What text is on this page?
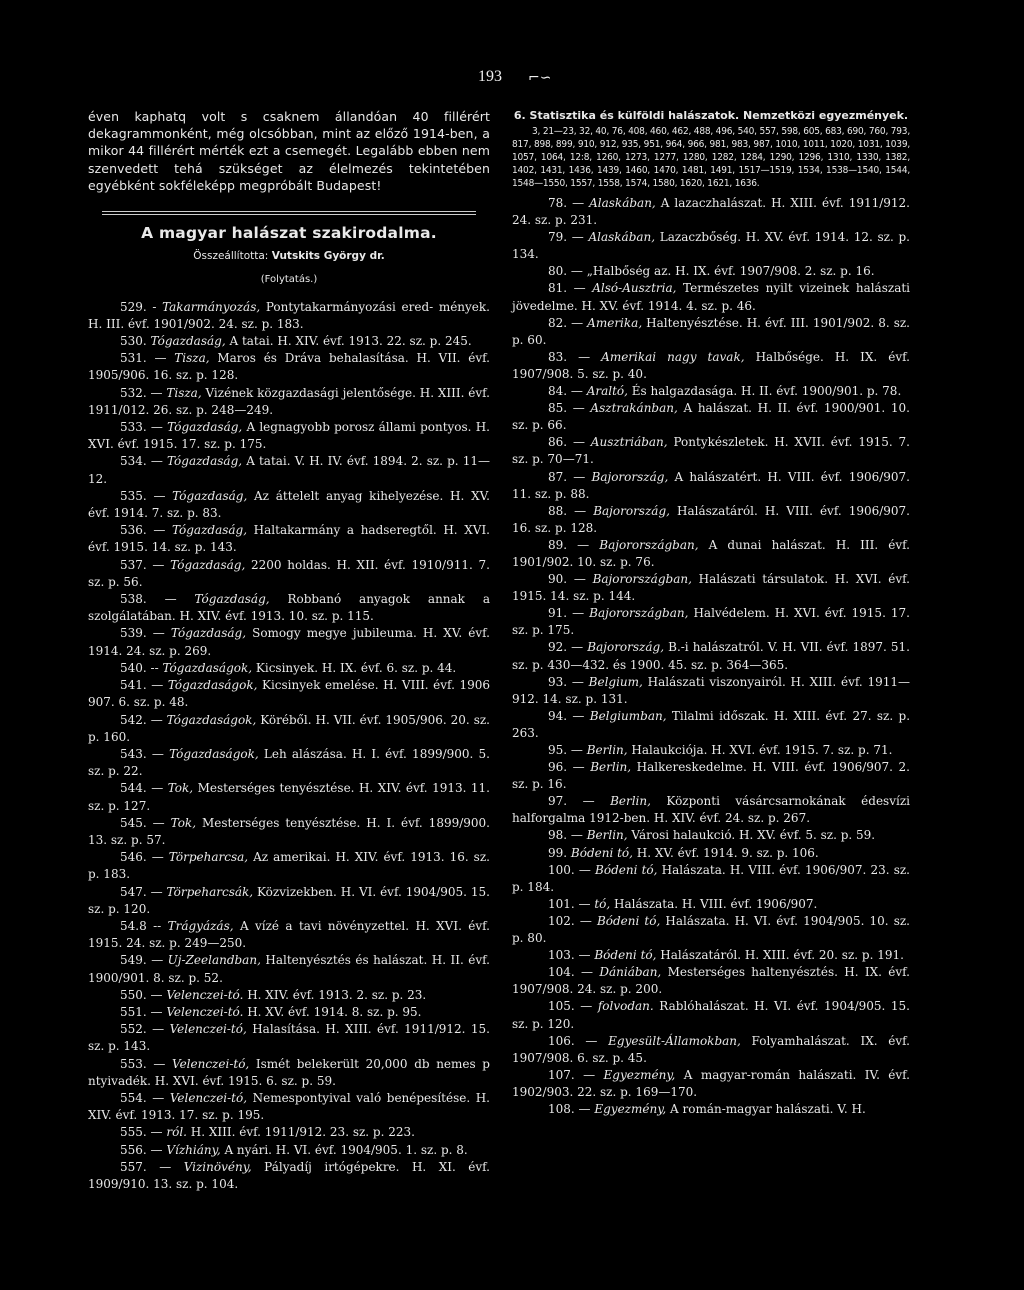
193 ⌐∽

éven kaphatq volt s csaknem állandóan 40 fillérért dekagrammonként, még olcsóbban, mint az előző 1914-ben, a mikor 44 fillérért mérték ezt a csemegét. Legalább ebben nem szenvedett tehá szükséget az élelmezés tekintetében egyébként sokféleképp megpróbált Budapest!

A magyar halászat szakirodalma.
Összeállította: Vutskits György dr.
(Folytatás.)

529. - Takarmányozás, Pontytakarmányozási ered- mények. H. III. évf. 1901/902. 24. sz. p. 183.

530. Tógazdaság, A tatai. H. XIV. évf. 1913. 22. sz. p. 245.

531. — Tisza, Maros és Dráva behalasítása. H. VII. évf. 1905/906. 16. sz. p. 128.

532. — Tisza, Vizének közgazdasági jelentősége. H. XIII. évf. 1911/012. 26. sz. p. 248—249.

533. — Tógazdaság, A legnagyobb porosz állami pontyos. H. XVI. évf. 1915. 17. sz. p. 175.

534. — Tógazdaság, A tatai. V. H. IV. évf. 1894. 2. sz. p. 11—12.

535. — Tógazdaság, Az áttelelt anyag kihelyezése. H. XV. évf. 1914. 7. sz. p. 83.

536. — Tógazdaság, Haltakarmány a hadseregtől. H. XVI. évf. 1915. 14. sz. p. 143.

537. — Tógazdaság, 2200 holdas. H. XII. évf. 1910/911. 7. sz. p. 56.

538. — Tógazdaság, Robbanó anyagok annak a szolgálatában. H. XIV. évf. 1913. 10. sz. p. 115.

539. — Tógazdaság, Somogy megye jubileuma. H. XV. évf. 1914. 24. sz. p. 269.

540. -- Tógazdaságok, Kicsinyek. H. IX. évf. 6. sz. p. 44.

541. — Tógazdaságok, Kicsinyek emelése. H. VIII. évf. 1906 907. 6. sz. p. 48.

542. — Tógazdaságok, Köréből. H. VII. évf. 1905/906. 20. sz. p. 160.

543. — Tógazdaságok, Leh alászása. H. I. évf. 1899/900. 5. sz. p. 22.

544. — Tok, Mesterséges tenyésztése. H. XIV. évf. 1913. 11. sz. p. 127.

545. — Tok, Mesterséges tenyésztése. H. I. évf. 1899/900. 13. sz. p. 57.

546. — Törpeharcsa, Az amerikai. H. XIV. évf. 1913. 16. sz. p. 183.

547. — Törpeharcsák, Közvizekben. H. VI. évf. 1904/905. 15. sz. p. 120.

54.8 -- Trágyázás, A vízé a tavi növényzettel. H. XVI. évf. 1915. 24. sz. p. 249—250.

549. — Uj-Zeelandban, Haltenyésztés és halászat. H. II. évf. 1900/901. 8. sz. p. 52.

550. — Velenczei-tó. H. XIV. évf. 1913. 2. sz. p. 23.

551. — Velenczei-tó. H. XV. évf. 1914. 8. sz. p. 95.

552. — Velenczei-tó, Halasítása. H. XIII. évf. 1911/912. 15. sz. p. 143.

553. — Velenczei-tó, Ismét belekerült 20,000 db nemes p ntyivadék. H. XVI. évf. 1915. 6. sz. p. 59.

554. — Velenczei-tó, Nemespontyival való benépesítése. H. XIV. évf. 1913. 17. sz. p. 195.

555. — ról. H. XIII. évf. 1911/912. 23. sz. p. 223.

556. — Vízhiány, A nyári. H. VI. évf. 1904/905. 1. sz. p. 8.

557. — Vizinövény, Pályadíj irtógépekre. H. XI. évf. 1909/910. 13. sz. p. 104.

6. Statisztika és külföldi halászatok. Nemzetközi egyezmények.

3, 21—23, 32, 40, 76, 408, 460, 462, 488, 496, 540, 557, 598, 605, 683, 690, 760, 793, 817, 898, 899, 910, 912, 935, 951, 964, 966, 981, 983, 987, 1010, 1011, 1020, 1031, 1039, 1057, 1064, 12:8, 1260, 1273, 1277, 1280, 1282, 1284, 1290, 1296, 1310, 1330, 1382, 1402, 1431, 1436, 1439, 1460, 1470, 1481, 1491, 1517—1519, 1534, 1538—1540, 1544, 1548—1550, 1557, 1558, 1574, 1580, 1620, 1621, 1636.

78. — Alaskában, A lazaczhalászat. H. XIII. évf. 1911/912. 24. sz. p. 231.

79. — Alaskában, Lazaczbőség. H. XV. évf. 1914. 12. sz. p. 134.

80. — „Halbőség az. H. IX. évf. 1907/908. 2. sz. p. 16.

81. — Alsó-Ausztria, Természetes nyilt vizeinek halászati jövedelme. H. XV. évf. 1914. 4. sz. p. 46.

82. — Amerika, Haltenyésztése. H. évf. III. 1901/902. 8. sz. p. 60.

83. — Amerikai nagy tavak, Halbősége. H. IX. évf. 1907/908. 5. sz. p. 40.

84. — Araltó, És halgazdasága. H. II. évf. 1900/901. p. 78.

85. — Asztrakánban, A halászat. H. II. évf. 1900/901. 10. sz. p. 66.

86. — Ausztriában, Pontykészletek. H. XVII. évf. 1915. 7. sz. p. 70—71.

87. — Bajorország, A halászatért. H. VIII. évf. 1906/907. 11. sz. p. 88.

88. — Bajorország, Halászatáról. H. VIII. évf. 1906/907. 16. sz. p. 128.

89. — Bajorországban, A dunai halászat. H. III. évf. 1901/902. 10. sz. p. 76.

90. — Bajorországban, Halászati társulatok. H. XVI. évf. 1915. 14. sz. p. 144.

91. — Bajorországban, Halvédelem. H. XVI. évf. 1915. 17. sz. p. 175.

92. — Bajorország, B.-i halászatról. V. H. VII. évf. 1897. 51. sz. p. 430—432. és 1900. 45. sz. p. 364—365.

93. — Belgium, Halászati viszonyairól. H. XIII. évf. 1911—912. 14. sz. p. 131.

94. — Belgiumban, Tilalmi időszak. H. XIII. évf. 27. sz. p. 263.

95. — Berlin, Halaukciója. H. XVI. évf. 1915. 7. sz. p. 71.

96. — Berlin, Halkereskedelme. H. VIII. évf. 1906/907. 2. sz. p. 16.

97. — Berlin, Központi vásárcsarnokának édesvízi halforgalma 1912-ben. H. XIV. évf. 24. sz. p. 267.

98. — Berlin, Városi halaukció. H. XV. évf. 5. sz. p. 59.

99. Bódeni tó, H. XV. évf. 1914. 9. sz. p. 106.

100. — Bódeni tó, Halászata. H. VIII. évf. 1906/907. 23. sz. p. 184.

101. — tó, Halászata. H. VIII. évf. 1906/907.

102. — Bódeni tó, Halászata. H. VI. évf. 1904/905. 10. sz. p. 80.

103. — Bódeni tó, Halászatáról. H. XIII. évf. 20. sz. p. 191.

104. — Dániában, Mesterséges haltenyésztés. H. IX. évf. 1907/908. 24. sz. p. 200.

105. — folvodan. Rablóhalászat. H. VI. évf. 1904/905. 15. sz. p. 120.

106. — Egyesült-Államokban, Folyamhalászat. IX. évf. 1907/908. 6. sz. p. 45.

107. — Egyezmény, A magyar-román halászati. IV. évf. 1902/903. 22. sz. p. 169—170.

108. — Egyezmény, A román-magyar halászati. V. H.
